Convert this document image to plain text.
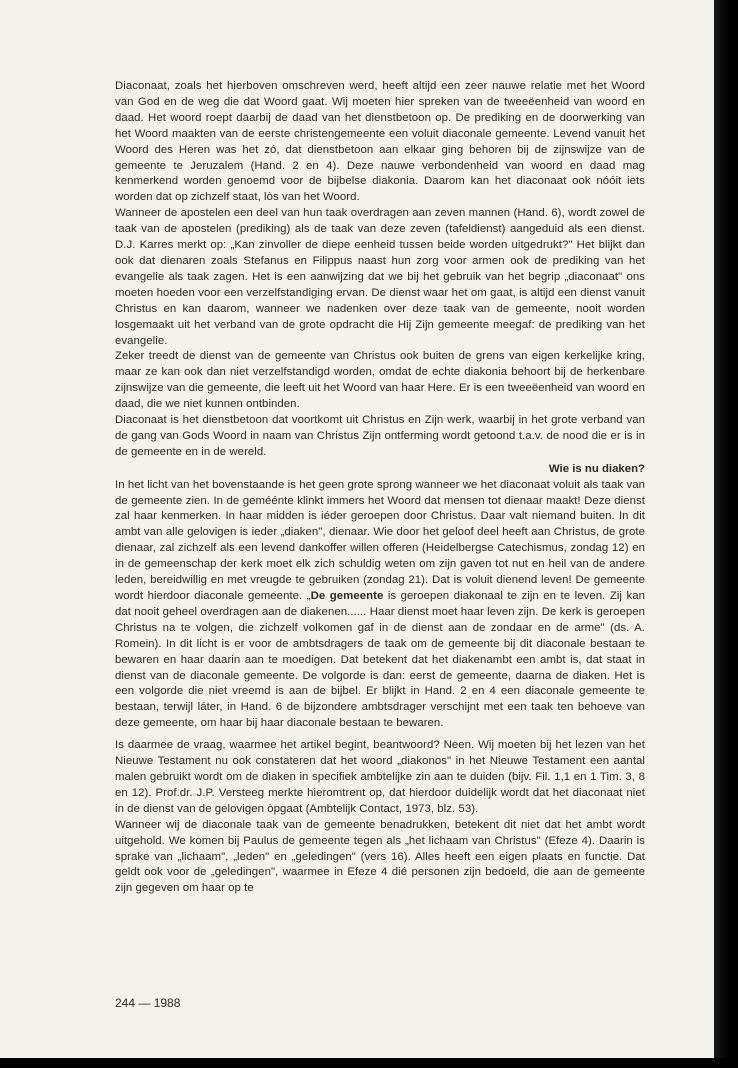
Diaconaat, zoals het hierboven omschreven werd, heeft altijd een zeer nauwe relatie met het Woord van God en de weg die dat Woord gaat. Wij moeten hier spreken van de tweeëenheid van woord en daad. Het woord roept daarbij de daad van het dienstbetoon op. De prediking en de doorwerking van het Woord maakten van de eerste christengemeente een voluit diaconale gemeente. Levend vanuit het Woord des Heren was het zó, dat dienstbetoon aan elkaar ging behoren bij de zijnswijze van de gemeente te Jeruzalem (Hand. 2 en 4). Deze nauwe verbondenheid van woord en daad mag kenmerkend worden genoemd voor de bijbelse diakonia. Daarom kan het diaconaat ook nóóit iets worden dat op zichzelf staat, lòs van het Woord.

Wanneer de apostelen een deel van hun taak overdragen aan zeven mannen (Hand. 6), wordt zowel de taak van de apostelen (prediking) als de taak van deze zeven (tafeldienst) aangeduid als een dienst. D.J. Karres merkt op: „Kan zinvoller de diepe eenheid tussen beide worden uitgedrukt?" Het blijkt dan ook dat dienaren zoals Stefanus en Filippus naast hun zorg voor armen ook de prediking van het evangelie als taak zagen. Het is een aanwijzing dat we bij het gebruik van het begrip „diaconaat" ons moeten hoeden voor een verzelfstandiging ervan. De dienst waar het om gaat, is altijd een dienst vanuit Christus en kan daarom, wanneer we nadenken over deze taak van de gemeente, nooit worden losgemaakt uit het verband van de grote opdracht die Hij Zijn gemeente meegaf: de prediking van het evangelie.

Zeker treedt de dienst van de gemeente van Christus ook buiten de grens van eigen kerkelijke kring, maar ze kan ook dan niet verzelfstandigd worden, omdat de echte diakonia behoort bij de herkenbare zijnswijze van die gemeente, die leeft uit het Woord van haar Here. Er is een tweeëenheid van woord en daad, die we niet kunnen ontbinden.

Diaconaat is het dienstbetoon dat voortkomt uit Christus en Zijn werk, waarbij in het grote verband van de gang van Gods Woord in naam van Christus Zijn ontferming wordt getoond t.a.v. de nood die er is in de gemeente en in de wereld.

Wie is nu diaken?

In het licht van het bovenstaande is het geen grote sprong wanneer we het diaconaat voluit als taak van de gemeente zien. In de geméénte klinkt immers het Woord dat mensen tot dienaar maakt! Deze dienst zal haar kenmerken. In haar midden is iéder geroepen door Christus. Daar valt niemand buiten. In dit ambt van alle gelovigen is ieder „diaken", dienaar. Wie door het geloof deel heeft aan Christus, de grote dienaar, zal zichzelf als een levend dankoffer willen offeren (Heidelbergse Catechismus, zondag 12) en in de gemeenschap der kerk moet elk zich schuldig weten om zijn gaven tot nut en heil van de andere leden, bereidwillig en met vreugde te gebruiken (zondag 21). Dat is voluit dienend leven! De gemeente wordt hierdoor diaconale gemeente. „De gemeente is geroepen diakonaal te zijn en te leven. Zij kan dat nooit geheel overdragen aan de diakenen...... Haar dienst moet haar leven zijn. De kerk is geroepen Christus na te volgen, die zichzelf volkomen gaf in de dienst aan de zondaar en de arme" (ds. A. Romein). In dit licht is er voor de ambtsdragers de taak om de gemeente bij dit diaconale bestaan te bewaren en haar daarin aan te moedigen. Dat betekent dat het diakenambt een ambt is, dat staat in dienst van de diaconale gemeente. De volgorde is dan: eerst de gemeente, daarna de diaken. Het is een volgorde die niet vreemd is aan de bijbel. Er blijkt in Hand. 2 en 4 een diaconale gemeente te bestaan, terwijl láter, in Hand. 6 de bijzondere ambtsdrager verschijnt met een taak ten behoeve van deze gemeente, om haar bij haar diaconale bestaan te bewaren.

Is daarmee de vraag, waarmee het artikel begint, beantwoord? Neen. Wij moeten bij het lezen van het Nieuwe Testament nu ook constateren dat het woord „diakonos" in het Nieuwe Testament een aantal malen gebruikt wordt om de diaken in specifiek ambtelijke zin aan te duiden (bijv. Fil. 1,1 en 1 Tim. 3, 8 en 12). Prof.dr. J.P. Versteeg merkte hieromtrent op, dat hierdoor duidelijk wordt dat het diaconaat niet in de dienst van de gelovigen òpgaat (Ambtelijk Contact, 1973, blz. 53).

Wanneer wij de diaconale taak van de gemeente benadrukken, betekent dit niet dat het ambt wordt uitgehold. We komen bij Paulus de gemeente tegen als „het lichaam van Christus" (Efeze 4). Daarin is sprake van „lichaam", „leden" en „geledingen" (vers 16). Alles heeft een eigen plaats en functie. Dat geldt ook voor de „geledingen", waarmee in Efeze 4 dié personen zijn bedoeld, die aan de gemeente zijn gegeven om haar op te

244 — 1988
